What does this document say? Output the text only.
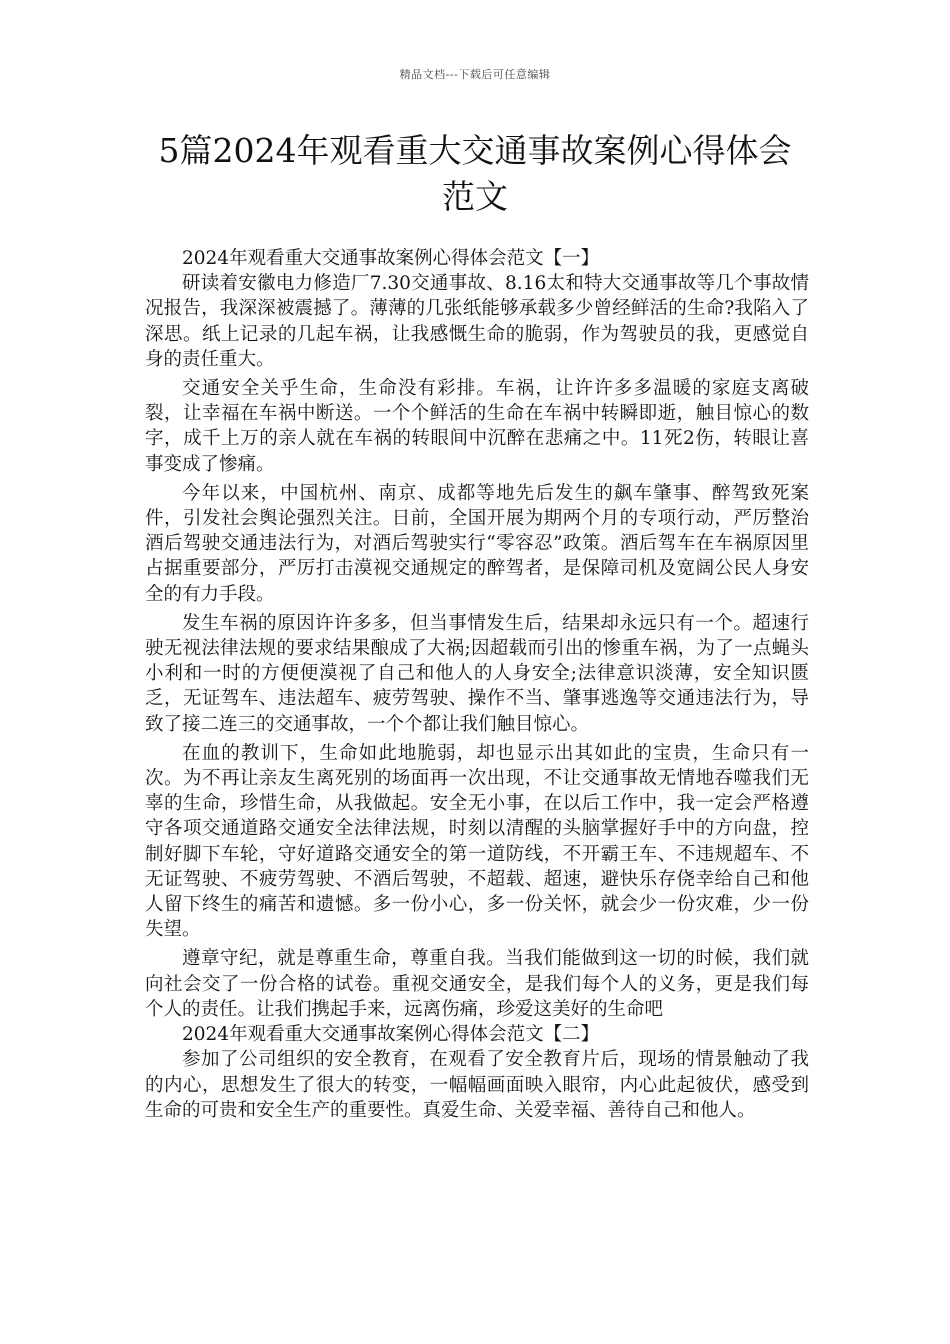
精品文档---下载后可任意编辑
5篇2024年观看重大交通事故案例心得体会范文

2024年观看重大交通事故案例心得体会范文【一】

研读着安徽电力修造厂7.30交通事故、8.16太和特大交通事故等几个事故情况报告，我深深被震撼了。薄薄的几张纸能够承载多少曾经鲜活的生命?我陷入了深思。纸上记录的几起车祸，让我感慨生命的脆弱，作为驾驶员的我，更感觉自身的责任重大。

交通安全关乎生命，生命没有彩排。车祸，让许许多多温暖的家庭支离破裂，让幸福在车祸中断送。一个个鲜活的生命在车祸中转瞬即逝，触目惊心的数字，成千上万的亲人就在车祸的转眼间中沉醉在悲痛之中。11死2伤，转眼让喜事变成了惨痛。

今年以来，中国杭州、南京、成都等地先后发生的飙车肇事、醉驾致死案件，引发社会舆论强烈关注。日前，全国开展为期两个月的专项行动，严厉整治酒后驾驶交通违法行为，对酒后驾驶实行“零容忍”政策。酒后驾车在车祸原因里占据重要部分，严厉打击漠视交通规定的醉驾者，是保障司机及宽阔公民人身安全的有力手段。

发生车祸的原因许许多多，但当事情发生后，结果却永远只有一个。超速行驶无视法律法规的要求结果酿成了大祸;因超载而引出的惨重车祸，为了一点蝇头小利和一时的方便便漠视了自己和他人的人身安全;法律意识淡薄，安全知识匮乏，无证驾车、违法超车、疲劳驾驶、操作不当、肇事逃逸等交通违法行为，导致了接二连三的交通事故，一个个都让我们触目惊心。

在血的教训下，生命如此地脆弱，却也显示出其如此的宝贵，生命只有一次。为不再让亲友生离死别的场面再一次出现，不让交通事故无情地吞噬我们无辜的生命，珍惜生命，从我做起。安全无小事，在以后工作中，我一定会严格遵守各项交通道路交通安全法律法规，时刻以清醒的头脑掌握好手中的方向盘，控制好脚下车轮，守好道路交通安全的第一道防线，不开霸王车、不违规超车、不无证驾驶、不疲劳驾驶、不酒后驾驶，不超载、超速，避快乐存侥幸给自己和他人留下终生的痛苦和遗憾。多一份小心，多一份关怀，就会少一份灾难，少一份失望。

遵章守纪，就是尊重生命，尊重自我。当我们能做到这一切的时候，我们就向社会交了一份合格的试卷。重视交通安全，是我们每个人的义务，更是我们每个人的责任。让我们携起手来，远离伤痛，珍爱这美好的生命吧

2024年观看重大交通事故案例心得体会范文【二】

参加了公司组织的安全教育，在观看了安全教育片后，现场的情景触动了我的内心，思想发生了很大的转变，一幅幅画面映入眼帘，内心此起彼伏，感受到生命的可贵和安全生产的重要性。真爱生命、关爱幸福、善待自己和他人。
